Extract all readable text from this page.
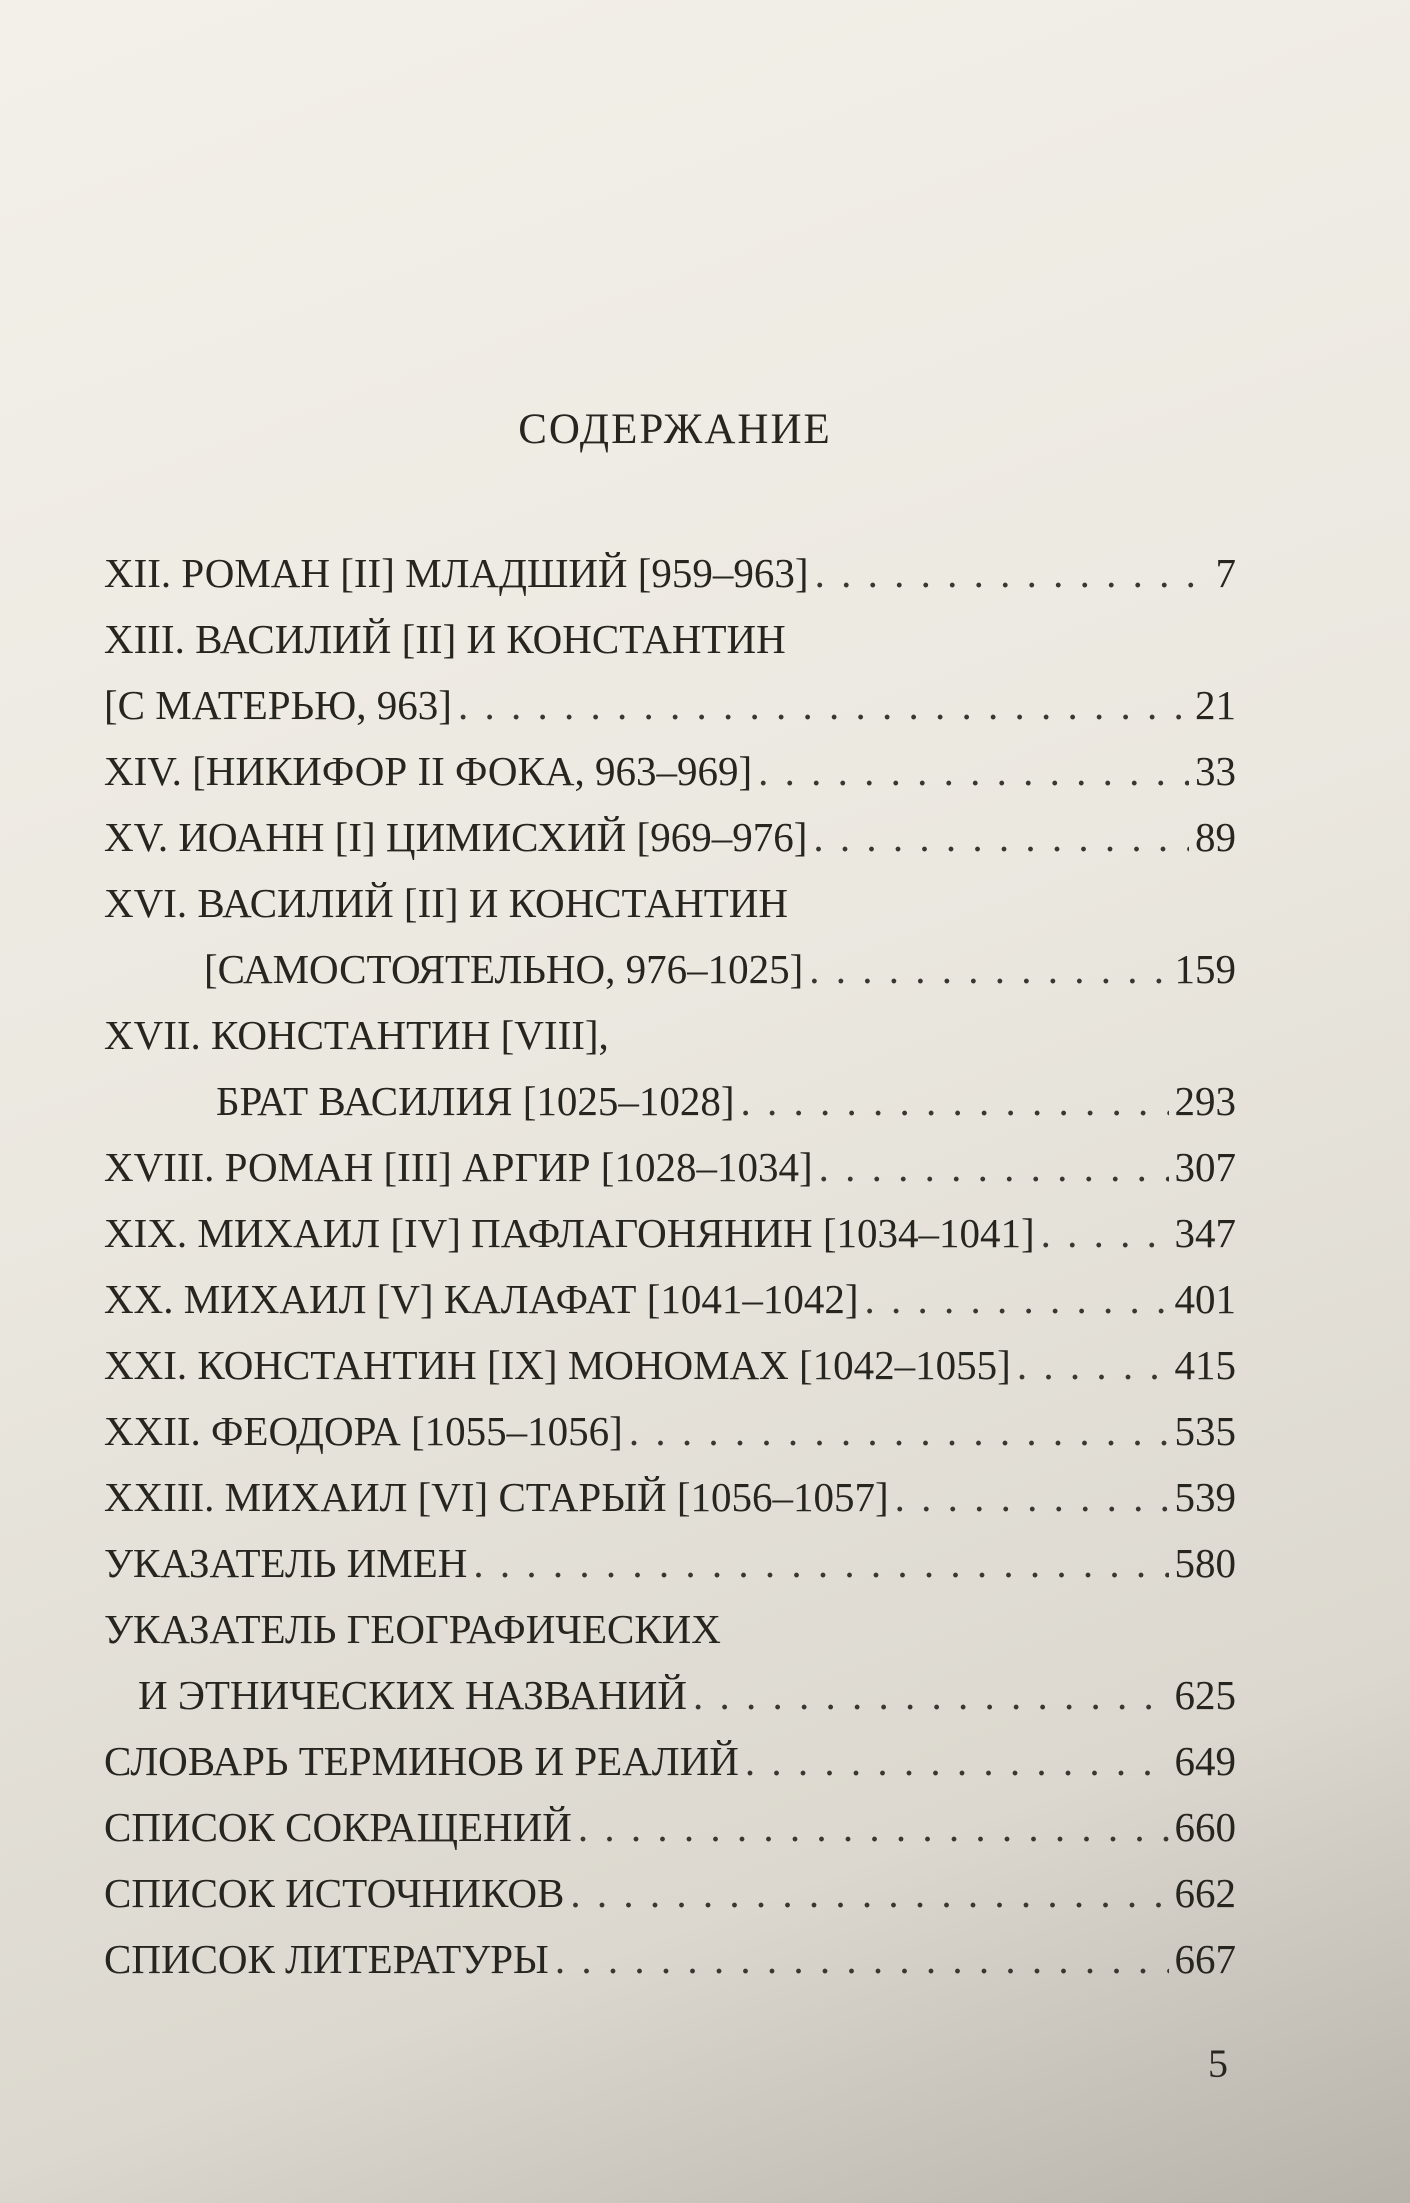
СОДЕРЖАНИЕ
XII. РОМАН [II] МЛАДШИЙ [959–963] . . .	7
XIII. ВАСИЛИЙ [II] И КОНСТАНТИН
[С МАТЕРЬЮ, 963] . . .	21
XIV. [НИКИФОР II ФОКА, 963–969] . . .	33
XV. ИОАНН [I] ЦИМИСХИЙ [969–976] . . .	89
XVI. ВАСИЛИЙ [II] И КОНСТАНТИН
[САМОСТОЯТЕЛЬНО, 976–1025] . . .	159
XVII. КОНСТАНТИН [VIII],
БРАТ ВАСИЛИЯ [1025–1028] . . .	293
XVIII. РОМАН [III] АРГИР [1028–1034] . . .	307
XIX. МИХАИЛ [IV] ПАФЛАГОНЯНИН [1034–1041] . . .	347
XX. МИХАИЛ [V] КАЛАФАТ [1041–1042] . . .	401
XXI. КОНСТАНТИН [IX] МОНОМАХ [1042–1055] . . .	415
XXII. ФЕОДОРА [1055–1056] . . .	535
XXIII. МИХАИЛ [VI] СТАРЫЙ [1056–1057] . . .	539
УКАЗАТЕЛЬ ИМЕН . . .	580
УКАЗАТЕЛЬ ГЕОГРАФИЧЕСКИХ
И ЭТНИЧЕСКИХ НАЗВАНИЙ . . .	625
СЛОВАРЬ ТЕРМИНОВ И РЕАЛИЙ . . .	649
СПИСОК СОКРАЩЕНИЙ . . .	660
СПИСОК ИСТОЧНИКОВ . . .	662
СПИСОК ЛИТЕРАТУРЫ . . .	667
5
